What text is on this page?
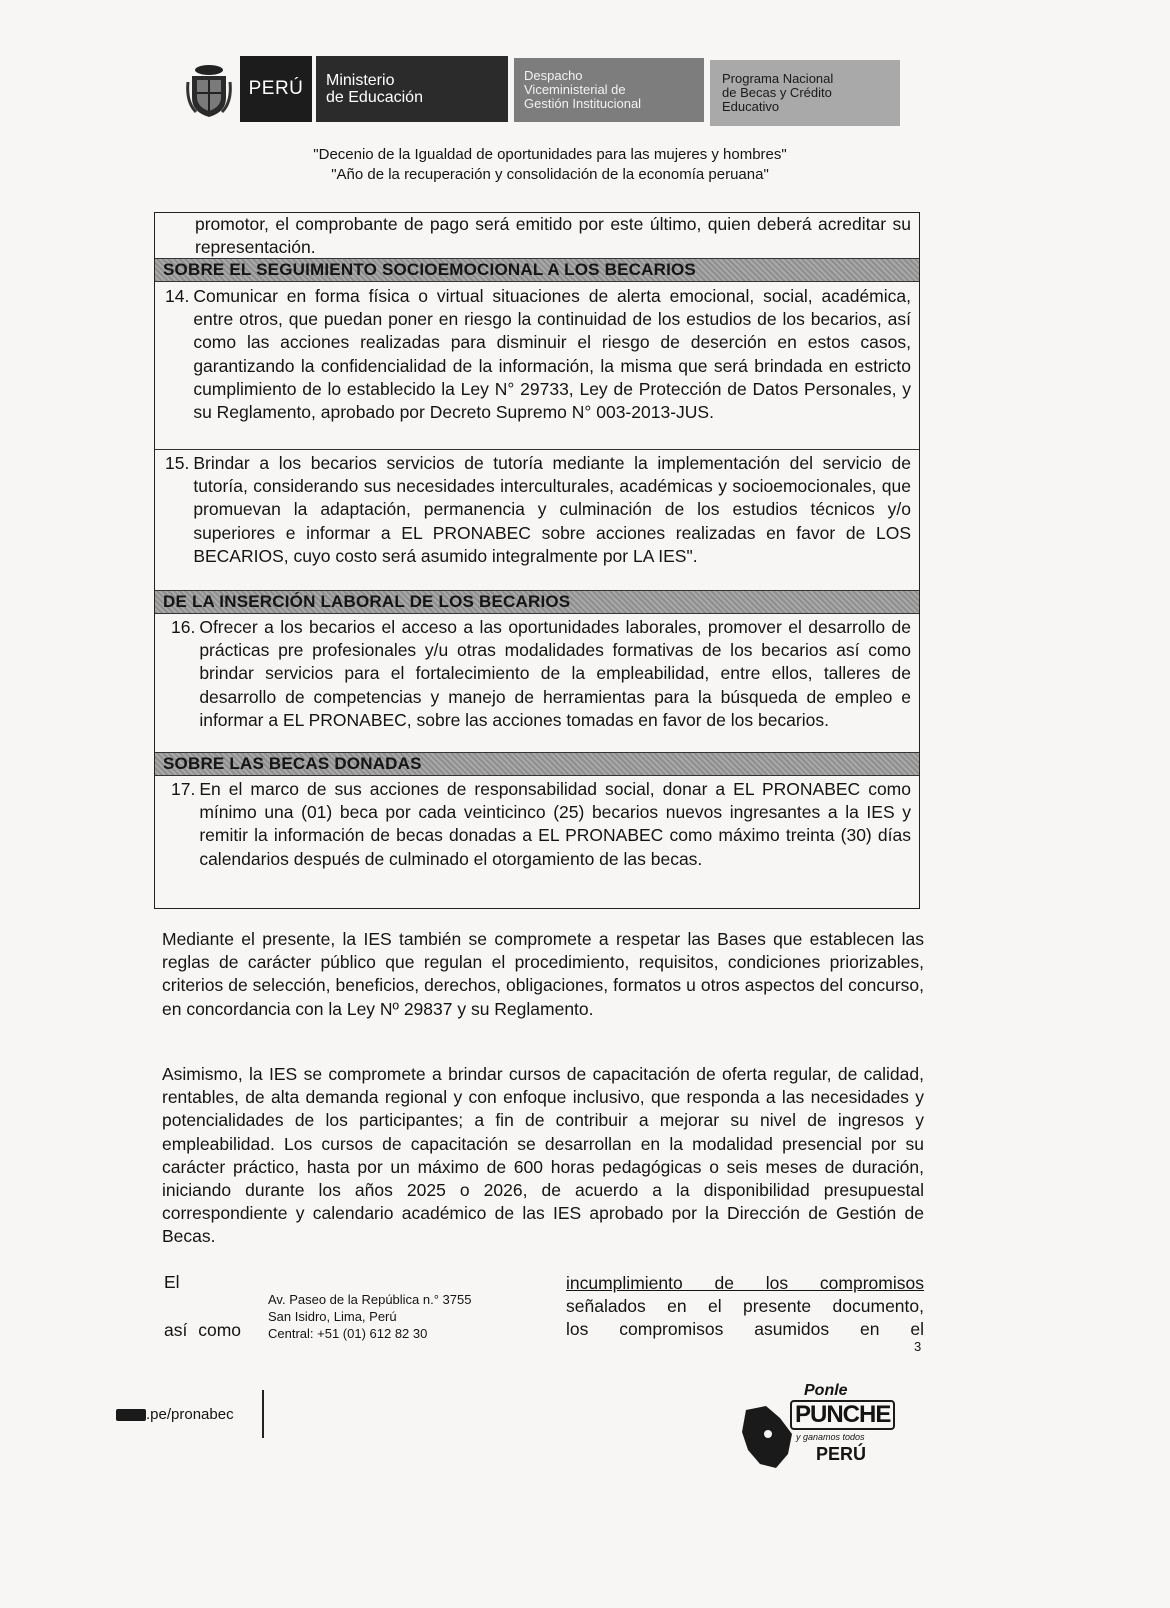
PERÚ Ministerio
de Educación
Despacho
Viceministerial de
Gestión Institucional
Programa Nacional
de Becas y Crédito
Educativo
"Decenio de la Igualdad de oportunidades para las mujeres y hombres"
"Año de la recuperación y consolidación de la economía peruana"
promotor, el comprobante de pago será emitido por este último, quien deberá acreditar su representación.
SOBRE EL SEGUIMIENTO SOCIOEMOCIONAL A LOS BECARIOS
14. Comunicar en forma física o virtual situaciones de alerta emocional, social, académica, entre otros, que puedan poner en riesgo la continuidad de los estudios de los becarios, así como las acciones realizadas para disminuir el riesgo de deserción en estos casos, garantizando la confidencialidad de la información, la misma que será brindada en estricto cumplimiento de lo establecido la Ley N° 29733, Ley de Protección de Datos Personales, y su Reglamento, aprobado por Decreto Supremo N° 003-2013-JUS.
15. Brindar a los becarios servicios de tutoría mediante la implementación del servicio de tutoría, considerando sus necesidades interculturales, académicas y socioemocionales, que promuevan la adaptación, permanencia y culminación de los estudios técnicos y/o superiores e informar a EL PRONABEC sobre acciones realizadas en favor de LOS BECARIOS, cuyo costo será asumido integralmente por LA IES".
DE LA INSERCIÓN LABORAL DE LOS BECARIOS
16. Ofrecer a los becarios el acceso a las oportunidades laborales, promover el desarrollo de prácticas pre profesionales y/u otras modalidades formativas de los becarios así como brindar servicios para el fortalecimiento de la empleabilidad, entre ellos, talleres de desarrollo de competencias y manejo de herramientas para la búsqueda de empleo e informar a EL PRONABEC, sobre las acciones tomadas en favor de los becarios.
SOBRE LAS BECAS DONADAS
17. En el marco de sus acciones de responsabilidad social, donar a EL PRONABEC como mínimo una (01) beca por cada veinticinco (25) becarios nuevos ingresantes a la IES y remitir la información de becas donadas a EL PRONABEC como máximo treinta (30) días calendarios después de culminado el otorgamiento de las becas.
Mediante el presente, la IES también se compromete a respetar las Bases que establecen las reglas de carácter público que regulan el procedimiento, requisitos, condiciones priorizables, criterios de selección, beneficios, derechos, obligaciones, formatos u otros aspectos del concurso, en concordancia con la Ley Nº 29837 y su Reglamento.
Asimismo, la IES se compromete a brindar cursos de capacitación de oferta regular, de calidad, rentables, de alta demanda regional y con enfoque inclusivo, que responda a las necesidades y potencialidades de los participantes; a fin de contribuir a mejorar su nivel de ingresos y empleabilidad. Los cursos de capacitación se desarrollan en la modalidad presencial por su carácter práctico, hasta por un máximo de 600 horas pedagógicas o seis meses de duración, iniciando durante los años 2025 o 2026, de acuerdo a la disponibilidad presupuestal correspondiente y calendario académico de las IES aprobado por la Dirección de Gestión de Becas.
El
así como
Av. Paseo de la República n.° 3755
San Isidro, Lima, Perú
Central: +51 (01) 612 82 30
incumplimiento de los compromisos
señalados en el presente documento,
los compromisos asumidos en el
3
.pe/pronabec
Ponle
PUNCHE
y ganamos todos
PERÚ
